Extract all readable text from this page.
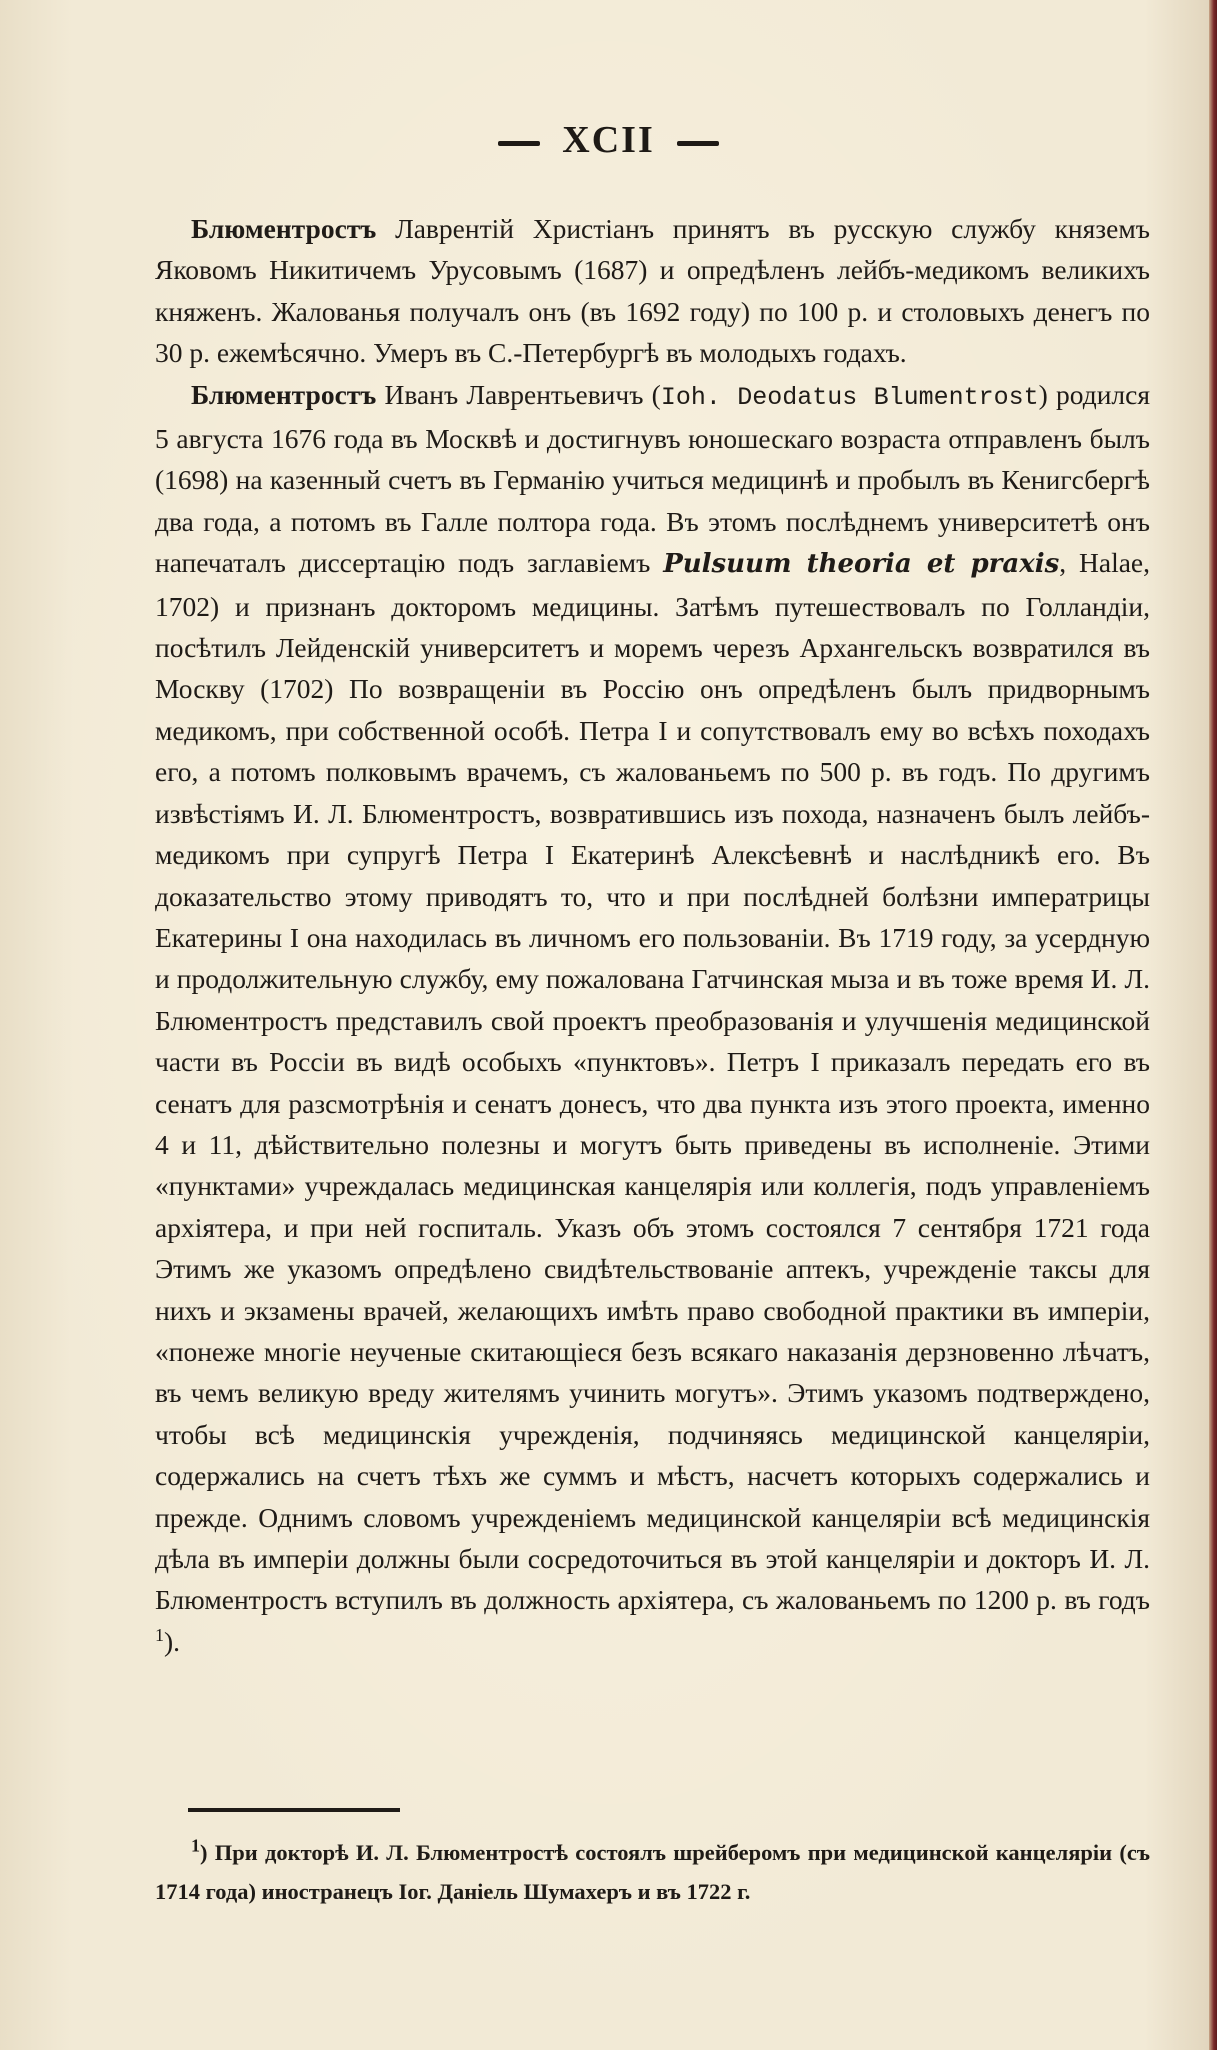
XCII

Блюментростъ Лаврентій Христіанъ принятъ въ русскую службу княземъ Яковомъ Никитичемъ Урусовымъ (1687) и опредѣленъ лейбъ-медикомъ великихъ княженъ. Жалованья получалъ онъ (въ 1692 году) по 100 р. и столовыхъ денегъ по 30 р. ежемѣсячно. Умеръ въ С.-Петербургѣ въ молодыхъ годахъ.

Блюментростъ Иванъ Лаврентьевичъ (Ioh. Deodatus Blumentrost) родился 5 августа 1676 года въ Москвѣ и достигнувъ юношескаго возраста отправленъ былъ (1698) на казенный счетъ въ Германію учиться медицинѣ и пробылъ въ Кенигсбергѣ два года, а потомъ въ Галле полтора года. Въ этомъ послѣднемъ университетѣ онъ напечаталъ диссертацію подъ заглавіемъ Pulsuum theoria et praxis, Halae, 1702) и признанъ докторомъ медицины. Затѣмъ путешествовалъ по Голландіи, посѣтилъ Лейденскій университетъ и моремъ черезъ Архангельскъ возвратился въ Москву (1702) По возвращеніи въ Россію онъ опредѣленъ былъ придворнымъ медикомъ, при собственной особѣ. Петра I и сопутствовалъ ему во всѣхъ походахъ его, а потомъ полковымъ врачемъ, съ жалованьемъ по 500 р. въ годъ. По другимъ извѣстіямъ И. Л. Блюментростъ, возвратившись изъ похода, назначенъ былъ лейбъ-медикомъ при супругѣ Петра I Екатеринѣ Алексѣевнѣ и наслѣдникѣ его. Въ доказательство этому приводятъ то, что и при послѣдней болѣзни императрицы Екатерины I она находилась въ личномъ его пользованіи. Въ 1719 году, за усердную и продолжительную службу, ему пожалована Гатчинская мыза и въ тоже время И. Л. Блюментростъ представилъ свой проектъ преобразованія и улучшенія медицинской части въ Россіи въ видѣ особыхъ «пунктовъ». Петръ I приказалъ передать его въ сенатъ для разсмотрѣнія и сенатъ донесъ, что два пункта изъ этого проекта, именно 4 и 11, дѣйствительно полезны и могутъ быть приведены въ исполненіе. Этими «пунктами» учреждалась медицинская канцелярія или коллегія, подъ управленіемъ архіятера, и при ней госпиталь. Указъ объ этомъ состоялся 7 сентября 1721 года Этимъ же указомъ опредѣлено свидѣтельствованіе аптекъ, учрежденіе таксы для нихъ и экзамены врачей, желающихъ имѣть право свободной практики въ имперіи, «понеже многіе неученые скитающіеся безъ всякаго наказанія дерзновенно лѣчатъ, въ чемъ великую вреду жителямъ учинить могутъ». Этимъ указомъ подтверждено, чтобы всѣ медицинскія учрежденія, подчиняясь медицинской канцеляріи, содержались на счетъ тѣхъ же суммъ и мѣстъ, насчетъ которыхъ содержались и прежде. Однимъ словомъ учрежденіемъ медицинской канцеляріи всѣ медицинскія дѣла въ имперіи должны были сосредоточиться въ этой канцеляріи и докторъ И. Л. Блюментростъ вступилъ въ должность архіятера, съ жалованьемъ по 1200 р. въ годъ $^1$).

$^1$) При докторѣ И. Л. Блюментростѣ состоялъ шрейберомъ при медицинской канцеляріи (съ 1714 года) иностранецъ Іог. Даніель Шумахеръ и въ 1722 г.
